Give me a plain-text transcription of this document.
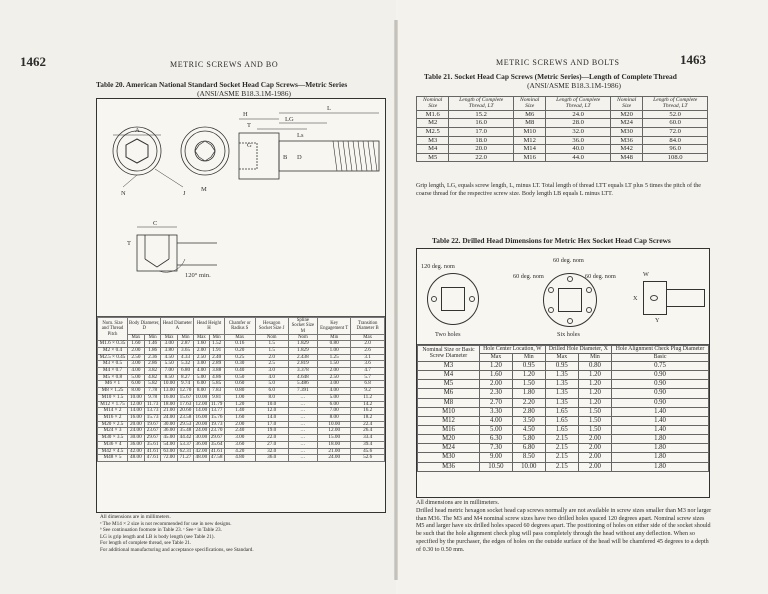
1462	METRIC SCREWS AND BO
Table 20. American National Standard Socket Head Cap Screws—Metric Series
(ANSI/ASME B18.3.1M-1986)
A
H
T
G
LG
L
Ls
B D
M
N	J
C
T
120° min.
Nom. Size and Thread Pitch	Body Diameter, D		Head Diameter A		Head Height H		Chamfer or Radius S	Hexagon Socket Size J	Spline Socket Size M	Key Engagement T	Transition Diameter B
	Max	Min	Max	Min	Max	Min	Max	Nom	Nom	Min	Max
M1.6 × 0.35	1.60	1.46	3.00	2.87	1.60	1.52	0.16	1.5	1.829	0.80	2.0
M2 × 0.4	2.00	1.86	3.80	3.65	2.00	1.91	0.20	1.5	1.829	1.00	2.6
M2.5 × 0.45	2.50	2.36	4.50	4.33	2.50	2.40	0.25	2.0	2.438	1.25	3.1
M3 × 0.5	3.00	2.86	5.50	5.32	3.00	2.89	0.30	2.5	2.819	1.50	3.6
M4 × 0.7	4.00	3.82	7.00	6.80	4.00	3.88	0.40	3.0	3.378	2.00	4.7
M5 × 0.8	5.00	4.82	8.50	8.27	5.00	4.86	0.50	4.0	4.648	2.50	5.7
M6 × 1	6.00	5.82	10.00	9.74	6.00	5.85	0.60	5.0	5.486	3.00	6.8
M8 × 1.25	8.00	7.78	13.00	12.70	8.00	7.83	0.80	6.0	7.391	4.00	9.2
M10 × 1.5	10.00	9.78	16.00	15.67	10.00	9.81	1.00	8.0	…	5.00	11.2
M12 × 1.75	12.00	11.73	18.00	17.63	12.00	11.79	1.20	10.0	…	6.00	14.2
M14 × 2	14.00	13.73	21.00	20.60	14.00	13.77	1.40	12.0	…	7.00	16.2
M16 × 2	16.00	15.73	24.00	23.58	16.00	15.76	1.60	14.0	…	8.00	18.2
M20 × 2.5	20.00	19.67	30.00	29.53	20.00	19.73	2.00	17.0	…	10.00	22.4
M24 × 3	24.00	23.67	36.00	35.48	24.00	23.70	2.40	19.0	…	12.00	26.4
M30 × 3.5	30.00	29.67	45.00	44.42	30.00	29.67	3.00	22.0	…	15.00	33.4
M36 × 4	36.00	35.61	54.00	53.37	36.00	35.64	3.60	27.0	…	18.00	39.4
M42 × 4.5	42.00	41.61	63.00	62.31	42.00	41.61	4.20	32.0	…	21.00	45.6
M48 × 5	48.00	47.61	72.00	71.27	48.00	47.58	4.80	36.0	…	24.00	52.6
All dimensions are in millimeters.
ᵃ The M14 × 2 size is not recommended for use in new designs.
ᵇ See continuation footnote in Table 23. ᶜ See ᵃ in Table 23.
LG is grip length and LB is body length (see Table 21).
For length of complete thread, see Table 21.
For additional manufacturing and acceptance specifications, see Standard.
METRIC SCREWS AND BOLTS	1463
Table 21. Socket Head Cap Screws (Metric Series)—Length of Complete Thread
(ANSI/ASME B18.3.1M-1986)
Nominal Size	Length of Complete Thread, LT	Nominal Size	Length of Complete Thread, LT	Nominal Size	Length of Complete Thread, LT
M1.6	15.2	M6	24.0	M20	52.0
M2	16.0	M8	28.0	M24	60.0
M2.5	17.0	M10	32.0	M30	72.0
M3	18.0	M12	36.0	M36	84.0
M4	20.0	M14	40.0	M42	96.0
M5	22.0	M16	44.0	M48	108.0
Grip length, LG, equals screw length, L, minus LT. Total length of thread LTT equals LT plus 5 times the pitch of the coarse thread for the respective screw size. Body length LB equals L minus LTT.
Table 22. Drilled Head Dimensions for Metric Hex Socket Head Cap Screws
120 deg. nom
Two holes
60 deg. nom
60 deg. nom	60 deg. nom
Six holes
W
X
Y
Nominal Size or Basic Screw Diameter	Hole Center Location, W		Drilled Hole Diameter, X		Hole Alignment Check Plug Diameter
	Max	Min	Max	Min	Basic
M3	1.20	0.95	0.95	0.80	0.75
M4	1.60	1.20	1.35	1.20	0.90
M5	2.00	1.50	1.35	1.20	0.90
M6	2.30	1.80	1.35	1.20	0.90
M8	2.70	2.20	1.35	1.20	0.90
M10	3.30	2.80	1.65	1.50	1.40
M12	4.00	3.50	1.65	1.50	1.40
M16	5.00	4.50	1.65	1.50	1.40
M20	6.30	5.80	2.15	2.00	1.80
M24	7.30	6.80	2.15	2.00	1.80
M30	9.00	8.50	2.15	2.00	1.80
M36	10.50	10.00	2.15	2.00	1.80
All dimensions are in millimeters.
Drilled head metric hexagon socket head cap screws normally are not available in screw sizes smaller than M3 nor larger than M36. The M3 and M4 nominal screw sizes have two drilled holes spaced 120 degrees apart. Nominal screw sizes M5 and larger have six drilled holes spaced 60 degrees apart. The positioning of holes on either side of the socket should be such that the hole alignment check plug will pass completely through the head without any deflection. When so specified by the purchaser, the edges of holes on the outside surface of the head will be chamfered 45 degrees to a depth of 0.30 to 0.50 mm.
